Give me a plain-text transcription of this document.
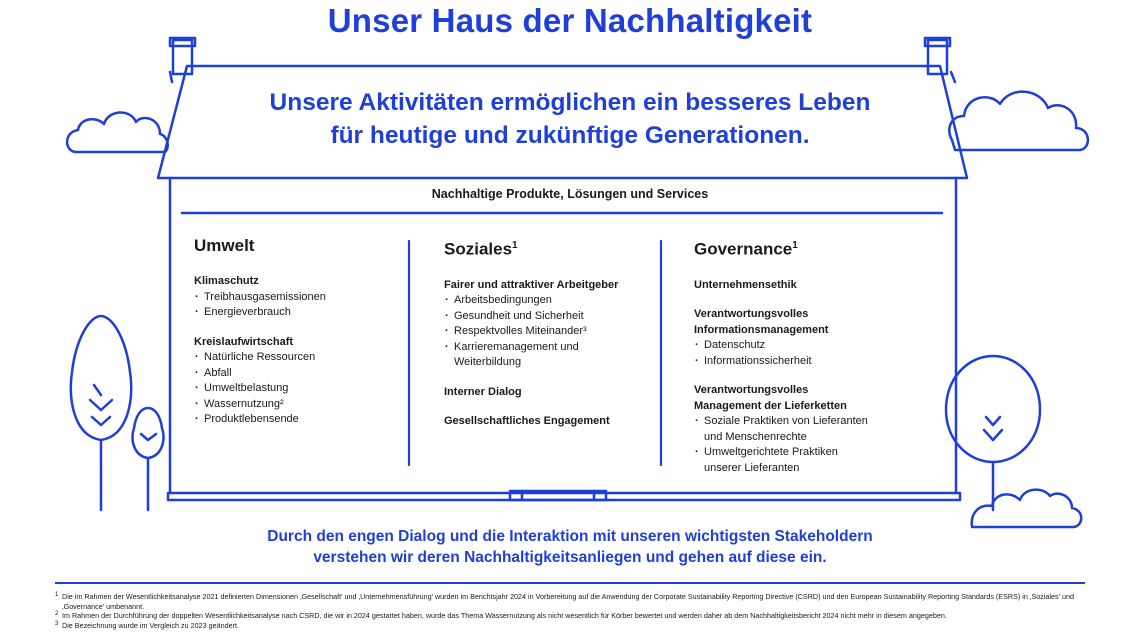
Unser Haus der Nachhaltigkeit
Unsere Aktivitäten ermöglichen ein besseres Leben
für heutige und zukünftige Generationen.
Nachhaltige Produkte, Lösungen und Services
Umwelt
Klimaschutz
· Treibhausgasemissionen
· Energieverbrauch
Kreislaufwirtschaft
· Natürliche Ressourcen
· Abfall
· Umweltbelastung
· Wassernutzung²
· Produktlebensende
Soziales$^1$
Fairer und attraktiver Arbeitgeber
· Arbeitsbedingungen
· Gesundheit und Sicherheit
· Respektvolles Miteinander³
· Karrieremanagement und
Weiterbildung
Interner Dialog
Gesellschaftliches Engagement
Governance$^1$
Unternehmensethik
Verantwortungsvolles
Informationsmanagement
· Datenschutz
· Informationssicherheit
Verantwortungsvolles
Management der Lieferketten
· Soziale Praktiken von Lieferanten
und Menschenrechte
· Umweltgerichtete Praktiken
unserer Lieferanten
Durch den engen Dialog und die Interaktion mit unseren wichtigsten Stakeholdern
verstehen wir deren Nachhaltigkeitsanliegen und gehen auf diese ein.
1 Die im Rahmen der Wesentlichkeitsanalyse 2021 definierten Dimensionen ‚Gesellschaft' und ‚Unternehmensführung' wurden im Berichtsjahr 2024 in Vorbereitung auf die Anwendung der Corporate Sustainability Reporting Directive (CSRD) und den European Sustainability Reporting Standards (ESRS) in ‚Soziales' und ‚Governance' umbenannt.
2 Im Rahmen der Durchführung der doppelten Wesentlichkeitsanalyse nach CSRD, die wir in 2024 gestartet haben, wurde das Thema Wassernutzung als nicht wesentlich für Körber bewertet und werden daher ab dem Nachhaltigkeitsbericht 2024 nicht mehr in diesem angegeben.
3 Die Bezeichnung wurde im Vergleich zu 2023 geändert.
